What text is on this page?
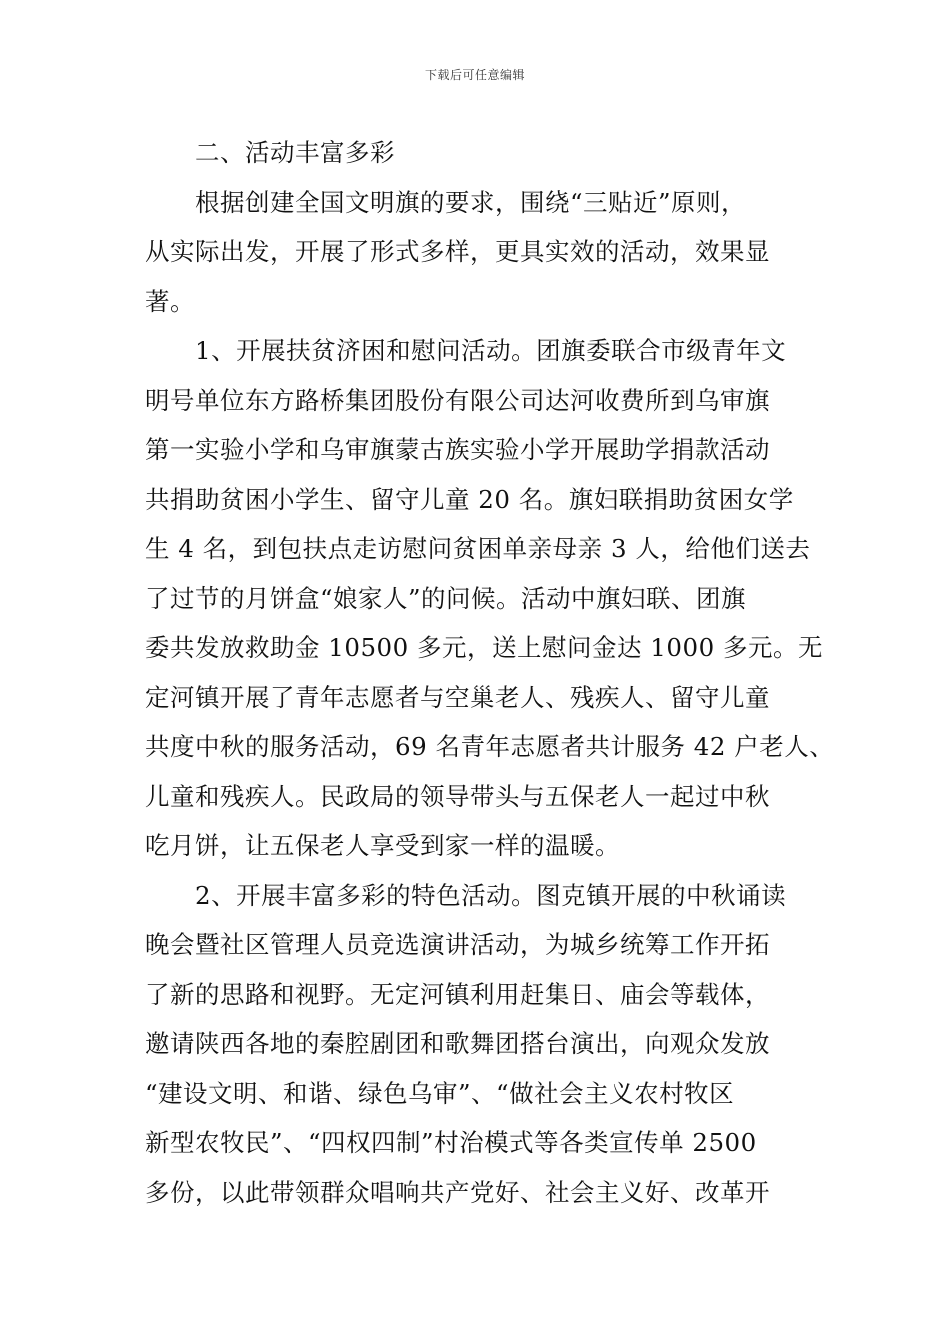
下载后可任意编辑
二、活动丰富多彩
根据创建全国文明旗的要求，围绕“三贴近”原则，
从实际出发，开展了形式多样，更具实效的活动，效果显
著。
1、开展扶贫济困和慰问活动。团旗委联合市级青年文
明号单位东方路桥集团股份有限公司达河收费所到乌审旗
第一实验小学和乌审旗蒙古族实验小学开展助学捐款活动
共捐助贫困小学生、留守儿童 20 名。旗妇联捐助贫困女学
生 4 名，到包扶点走访慰问贫困单亲母亲 3 人，给他们送去
了过节的月饼盒“娘家人”的问候。活动中旗妇联、团旗
委共发放救助金 10500 多元，送上慰问金达 1000 多元。无
定河镇开展了青年志愿者与空巢老人、残疾人、留守儿童
共度中秋的服务活动，69 名青年志愿者共计服务 42 户老人、
儿童和残疾人。民政局的领导带头与五保老人一起过中秋
吃月饼，让五保老人享受到家一样的温暖。
2、开展丰富多彩的特色活动。图克镇开展的中秋诵读
晚会暨社区管理人员竞选演讲活动，为城乡统筹工作开拓
了新的思路和视野。无定河镇利用赶集日、庙会等载体，
邀请陕西各地的秦腔剧团和歌舞团搭台演出，向观众发放
“建设文明、和谐、绿色乌审”、“做社会主义农村牧区
新型农牧民”、“四权四制”村治模式等各类宣传单 2500
多份，以此带领群众唱响共产党好、社会主义好、改革开
